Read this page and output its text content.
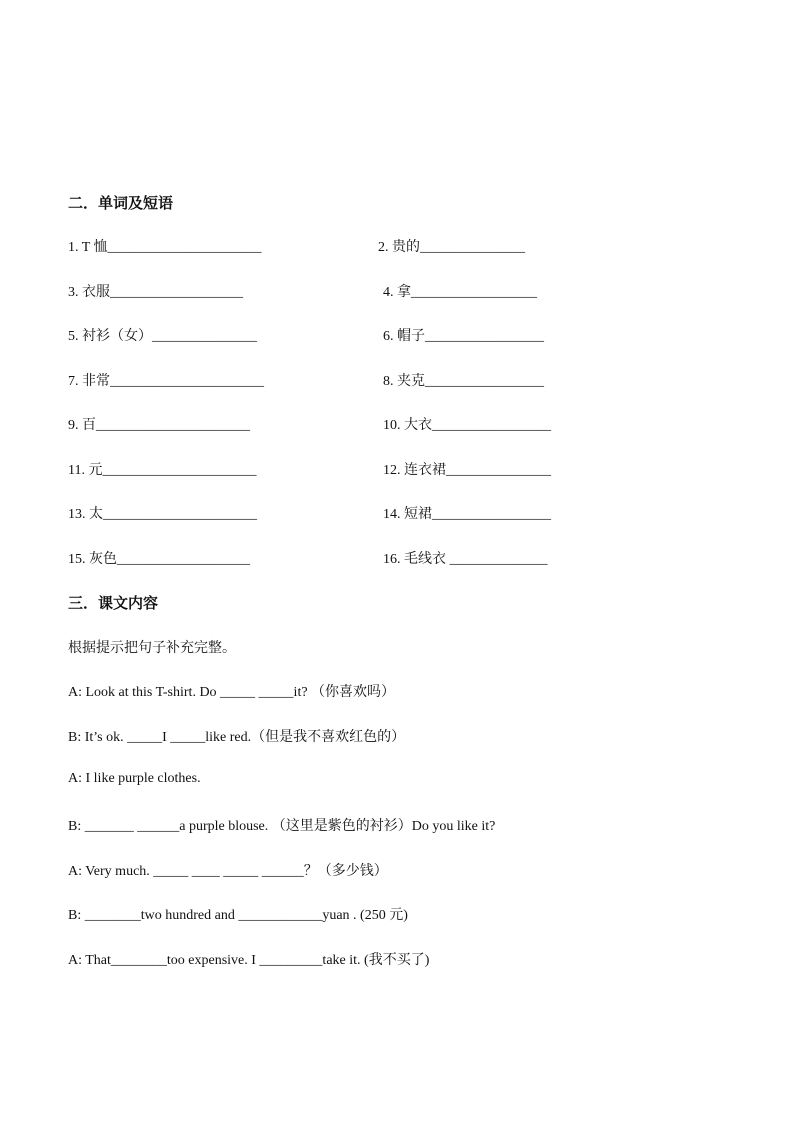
二．单词及短语
1. T 恤______________________	2. 贵的_______________
3. 衣服___________________	4. 拿__________________
5. 衬衫（女）_______________	6. 帽子_________________
7. 非常______________________	8. 夹克_________________
9. 百______________________	10. 大衣_________________
11. 元______________________	12. 连衣裙_______________
13. 太______________________	14. 短裙_________________
15. 灰色___________________	16. 毛线衣 ______________
三．课文内容
根据提示把句子补充完整。
A: Look at this T-shirt. Do _____ _____it? （你喜欢吗）
B: It’s ok. _____I _____like red.（但是我不喜欢红色的）
A: I like purple clothes.
B: _______ ______a purple blouse. （这里是紫色的衬衫）Do you like it?
A: Very much. _____ ____ _____ ______？（多少钱）
B: ________two hundred and ____________yuan . (250 元)
A: That________too expensive. I _________take it. (我不买了)
